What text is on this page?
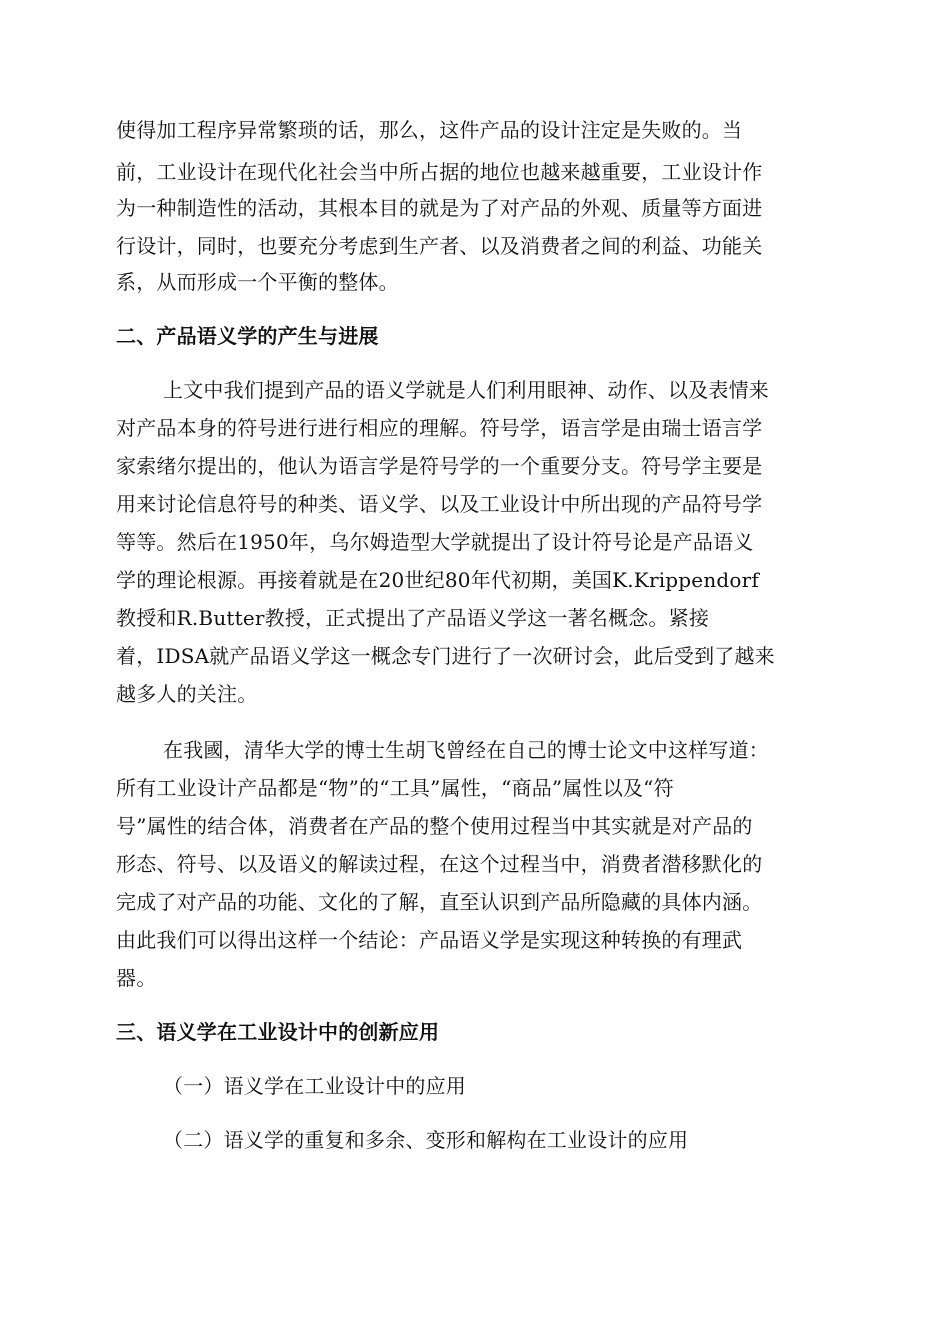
使得加工程序异常繁琐的话，那么，这件产品的设计注定是失败的。当
前，工业设计在现代化社会当中所占据的地位也越来越重要，工业设计作
为一种制造性的活动，其根本目的就是为了对产品的外观、质量等方面进
行设计，同时，也要充分考虑到生产者、以及消费者之间的利益、功能关
系，从而形成一个平衡的整体。
二、产品语义学的产生与进展
上文中我们提到产品的语义学就是人们利用眼神、动作、以及表情来
对产品本身的符号进行进行相应的理解。符号学，语言学是由瑞士语言学
家索绪尔提出的，他认为语言学是符号学的一个重要分支。符号学主要是
用来讨论信息符号的种类、语义学、以及工业设计中所出现的产品符号学
等等。然后在1950年，乌尔姆造型大学就提出了设计符号论是产品语义
学的理论根源。再接着就是在20世纪80年代初期，美国K.Krippendorf
教授和R.Butter教授，正式提出了产品语义学这一著名概念。紧接
着，IDSA就产品语义学这一概念专门进行了一次研讨会，此后受到了越来
越多人的关注。
在我國，清华大学的博士生胡飞曾经在自己的博士论文中这样写道：
所有工业设计产品都是“物”的“工具”属性，“商品”属性以及“符
号”属性的结合体，消费者在产品的整个使用过程当中其实就是对产品的
形态、符号、以及语义的解读过程，在这个过程当中，消费者潜移默化的
完成了对产品的功能、文化的了解，直至认识到产品所隐藏的具体内涵。
由此我们可以得出这样一个结论：产品语义学是实现这种转换的有理武
器。
三、语义学在工业设计中的创新应用
（一）语义学在工业设计中的应用
（二）语义学的重复和多余、变形和解构在工业设计的应用
